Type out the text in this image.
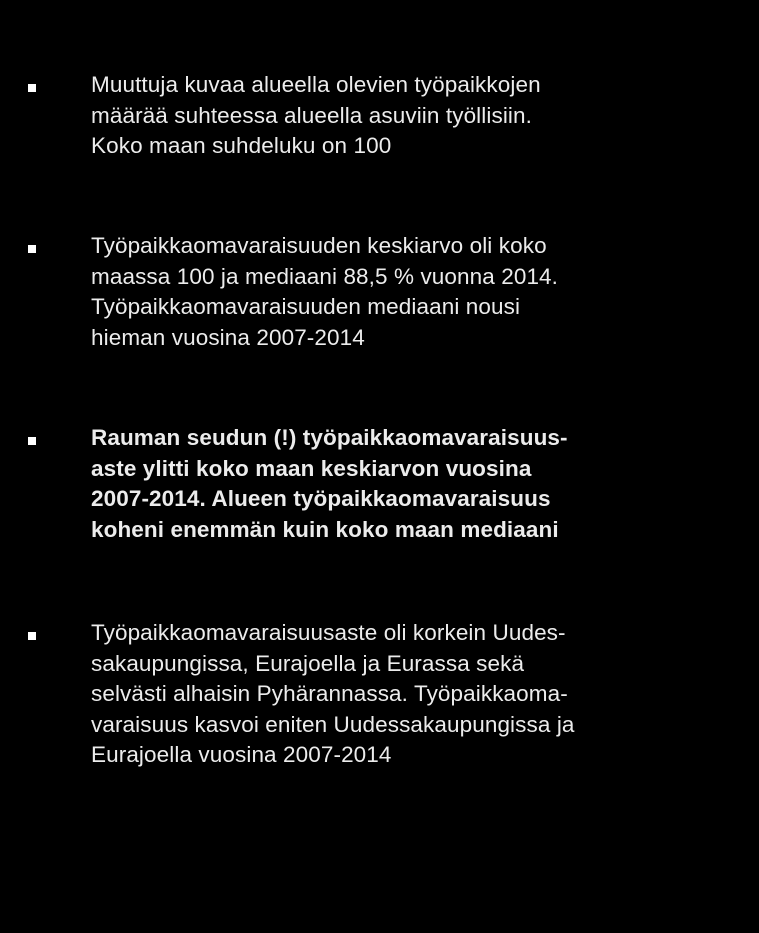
Muuttuja kuvaa alueella olevien työpaikkojen
määrää suhteessa alueella asuviin työllisiin.
Koko maan suhdeluku on 100
Työpaikkaomavaraisuuden keskiarvo oli koko
maassa 100 ja mediaani 88,5 % vuonna 2014.
Työpaikkaomavaraisuuden mediaani nousi
hieman vuosina 2007-2014
Rauman seudun (!) työpaikkaomavaraisuus-
aste ylitti koko maan keskiarvon vuosina
2007-2014. Alueen työpaikkaomavaraisuus
koheni enemmän kuin koko maan mediaani
Työpaikkaomavaraisuusaste oli korkein Uudes-
sakaupungissa, Eurajoella ja Eurassa sekä
selvästi alhaisin Pyhärannassa. Työpaikkaoma-
varaisuus kasvoi eniten Uudessakaupungissa ja
Eurajoella vuosina 2007-2014
